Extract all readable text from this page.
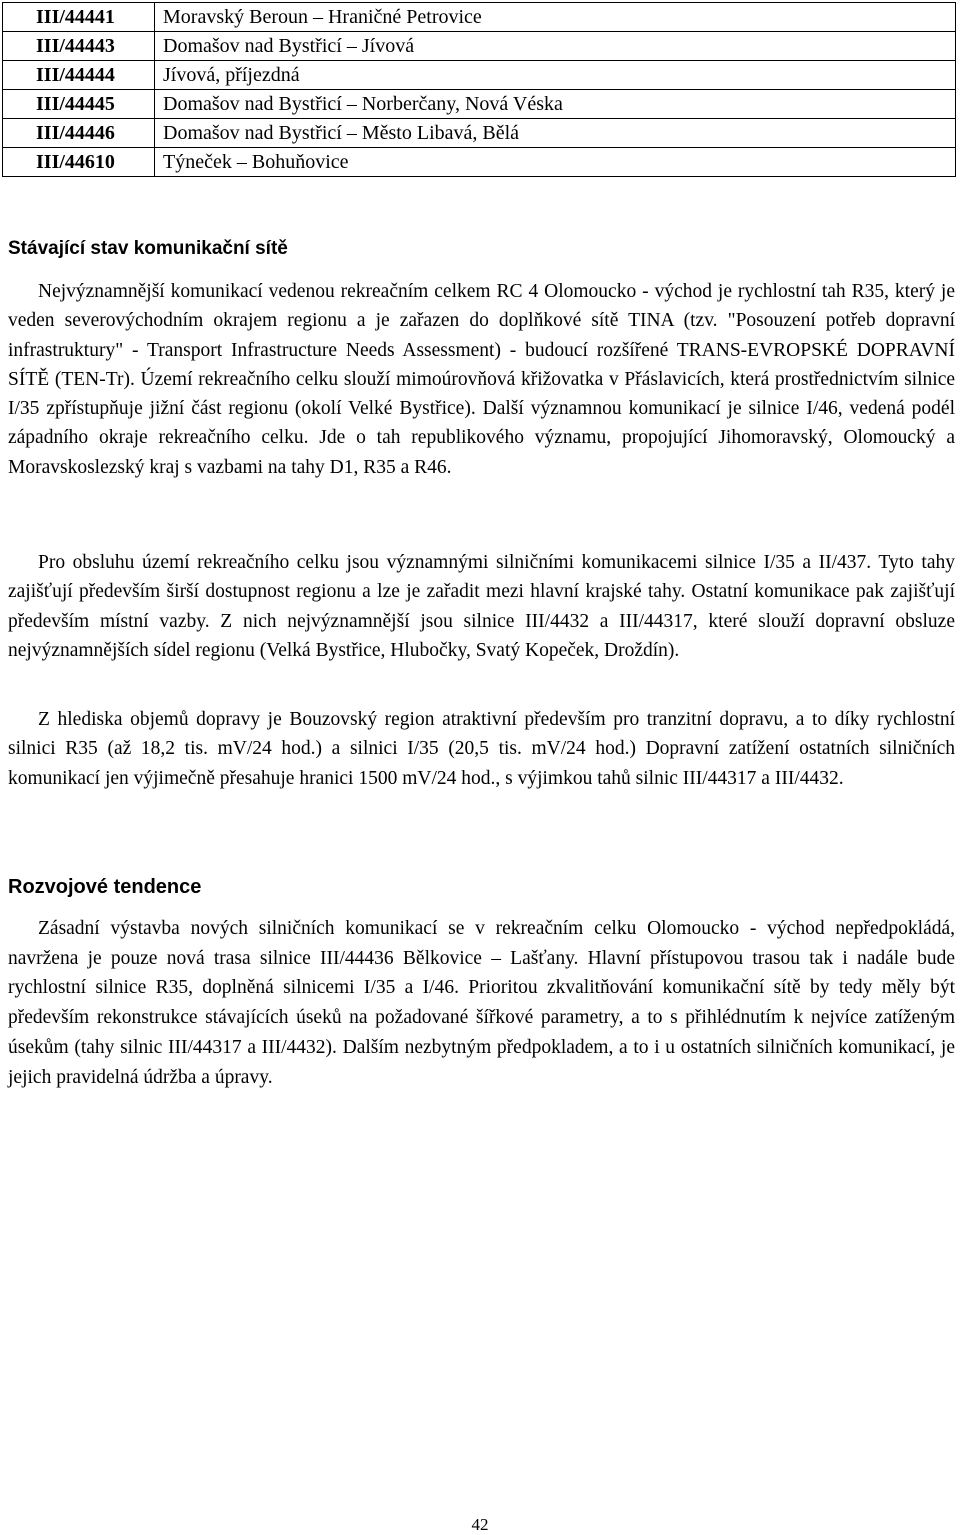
III/44441	Moravský Beroun – Hraničné Petrovice
III/44443	Domašov nad Bystřicí – Jívová
III/44444	Jívová, příjezdná
III/44445	Domašov nad Bystřicí – Norberčany, Nová Véska
III/44446	Domašov nad Bystřicí – Město Libavá, Bělá
III/44610	Týneček – Bohuňovice
Stávající stav komunikační sítě

Nejvýznamnější komunikací vedenou rekreačním celkem RC 4 Olomoucko - východ je rychlostní tah R35, který je veden severovýchodním okrajem regionu a je zařazen do doplňkové sítě TINA (tzv. "Posouzení potřeb dopravní infrastruktury" - Transport Infrastructure Needs Assessment) - budoucí rozšířené TRANS-EVROPSKÉ DOPRAVNÍ SÍTĚ (TEN-Tr). Území rekreačního celku slouží mimoúrovňová křižovatka v Přáslavicích, která prostřednictvím silnice I/35 zpřístupňuje jižní část regionu (okolí Velké Bystřice). Další významnou komunikací je silnice I/46, vedená podél západního okraje rekreačního celku. Jde o tah republikového významu, propojující Jihomoravský, Olomoucký a Moravskoslezský kraj s vazbami na tahy D1, R35 a R46.

Pro obsluhu území rekreačního celku jsou významnými silničními komunikacemi silnice I/35 a II/437. Tyto tahy zajišťují především širší dostupnost regionu a lze je zařadit mezi hlavní krajské tahy. Ostatní komunikace pak zajišťují především místní vazby. Z nich nejvýznamnější jsou silnice III/4432 a III/44317, které slouží dopravní obsluze nejvýznamnějších sídel regionu (Velká Bystřice, Hlubočky, Svatý Kopeček, Droždín).

Z hlediska objemů dopravy je Bouzovský region atraktivní především pro tranzitní dopravu, a to díky rychlostní silnici R35 (až 18,2 tis. mV/24 hod.) a silnici I/35 (20,5 tis. mV/24 hod.) Dopravní zatížení ostatních silničních komunikací jen výjimečně přesahuje hranici 1500 mV/24 hod., s výjimkou tahů silnic III/44317 a III/4432.

Rozvojové tendence

Zásadní výstavba nových silničních komunikací se v rekreačním celku Olomoucko - východ nepředpokládá, navržena je pouze nová trasa silnice III/44436 Bělkovice – Lašťany. Hlavní přístupovou trasou tak i nadále bude rychlostní silnice R35, doplněná silnicemi I/35 a I/46. Prioritou zkvalitňování komunikační sítě by tedy měly být především rekonstrukce stávajících úseků na požadované šířkové parametry, a to s přihlédnutím k nejvíce zatíženým úsekům (tahy silnic III/44317 a III/4432). Dalším nezbytným předpokladem, a to i u ostatních silničních komunikací, je jejich pravidelná údržba a úpravy.

42
